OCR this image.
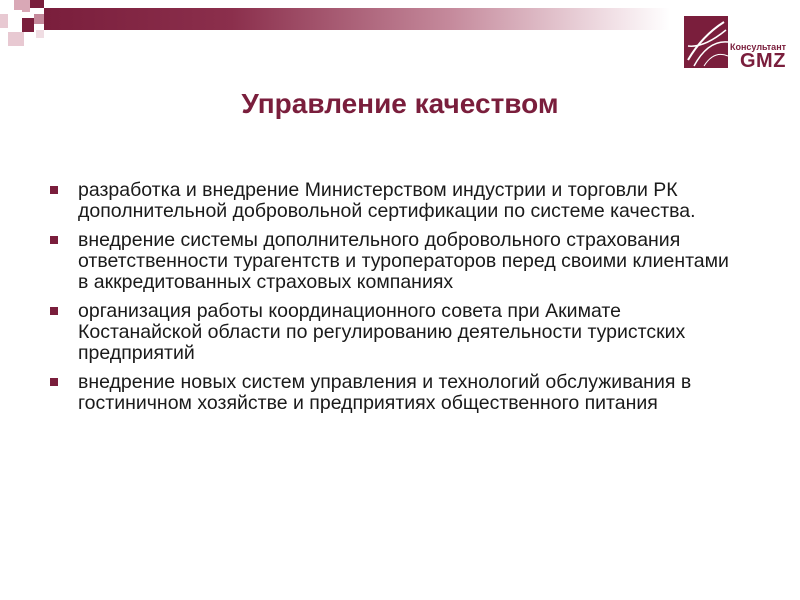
Консультант
GMZ
Управление качеством
разработка и внедрение Министерством индустрии и торговли РК дополнительной добровольной сертификации по системе качества.
внедрение системы дополнительного добровольного страхования ответственности турагентств и туроператоров перед своими клиентами в аккредитованных страховых компаниях
организация работы координационного совета при Акимате Костанайской области по регулированию деятельности туристских предприятий
внедрение новых систем управления и технологий обслуживания в гостиничном хозяйстве и предприятиях общественного питания
